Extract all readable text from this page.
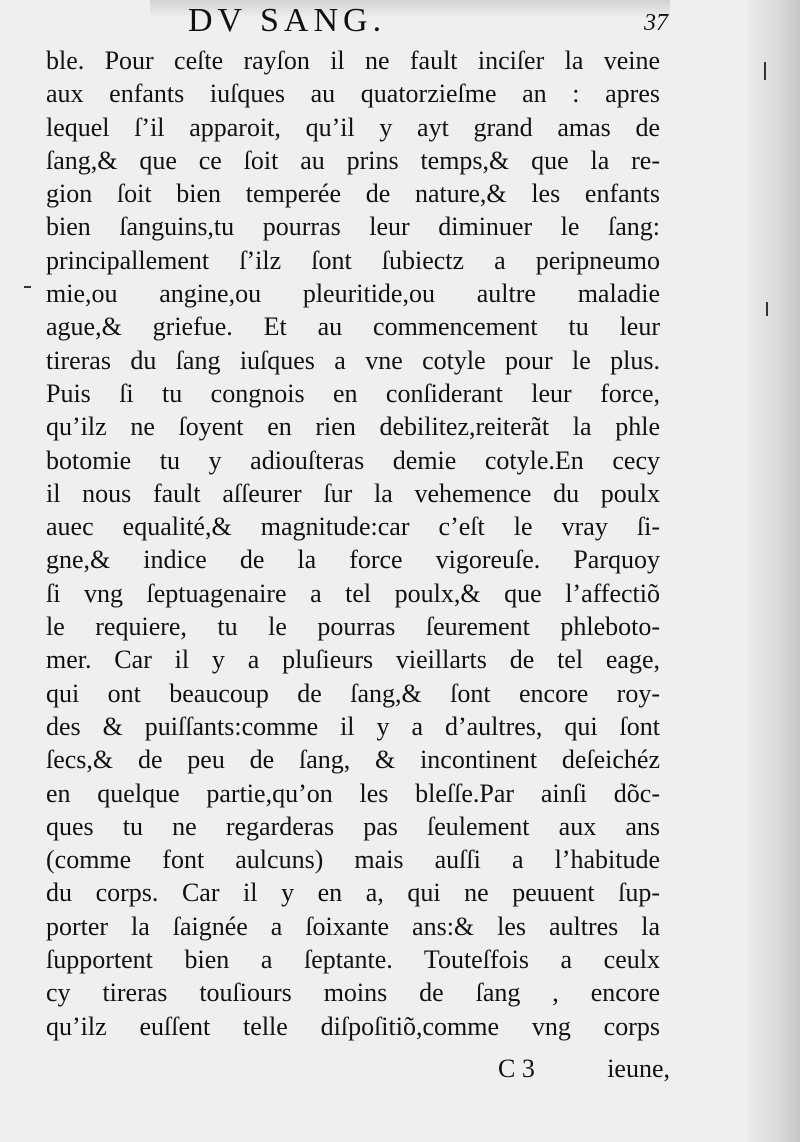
DV SANG.	37
ble. Pour ceſte rayſon il ne fault inciſer la veine
aux enfants iuſques au quatorzieſme an : apres
lequel ſ’il apparoit, qu’il y ayt grand amas de
ſang,& que ce ſoit au prins temps,& que la re-
gion ſoit bien temperée de nature,& les enfants
bien ſanguins,tu pourras leur diminuer le ſang:
principallement ſ’ilz ſont ſubiectz a peripneumo
mie,ou angine,ou pleuritide,ou aultre maladie
ague,& griefue. Et au commencement tu leur
tireras du ſang iuſques a vne cotyle pour le plus.
Puis ſi tu congnois en conſiderant leur force,
qu’ilz ne ſoyent en rien debilitez,reiterãt la phle
botomie tu y adiouſteras demie cotyle.En cecy
il nous fault aſſeurer ſur la vehemence du poulx
auec equalité,& magnitude:car c’eſt le vray ſi-
gne,& indice de la force vigoreuſe. Parquoy
ſi vng ſeptuagenaire a tel poulx,& que l’affectiõ
le requiere, tu le pourras ſeurement phleboto-
mer. Car il y a pluſieurs vieillarts de tel eage,
qui ont beaucoup de ſang,& ſont encore roy-
des & puiſſants:comme il y a d’aultres, qui ſont
ſecs,& de peu de ſang, & incontinent deſeichéz
en quelque partie,qu’on les bleſſe.Par ainſi dõc-
ques tu ne regarderas pas ſeulement aux ans
(comme font aulcuns) mais auſſi a l’habitude
du corps. Car il y en a, qui ne peuuent ſup-
porter la ſaignée a ſoixante ans:& les aultres la
ſupportent bien a ſeptante. Touteſfois a ceulx
cy tireras touſiours moins de ſang , encore
qu’ilz euſſent telle diſpoſitiõ,comme vng corps
C 3	ieune,
